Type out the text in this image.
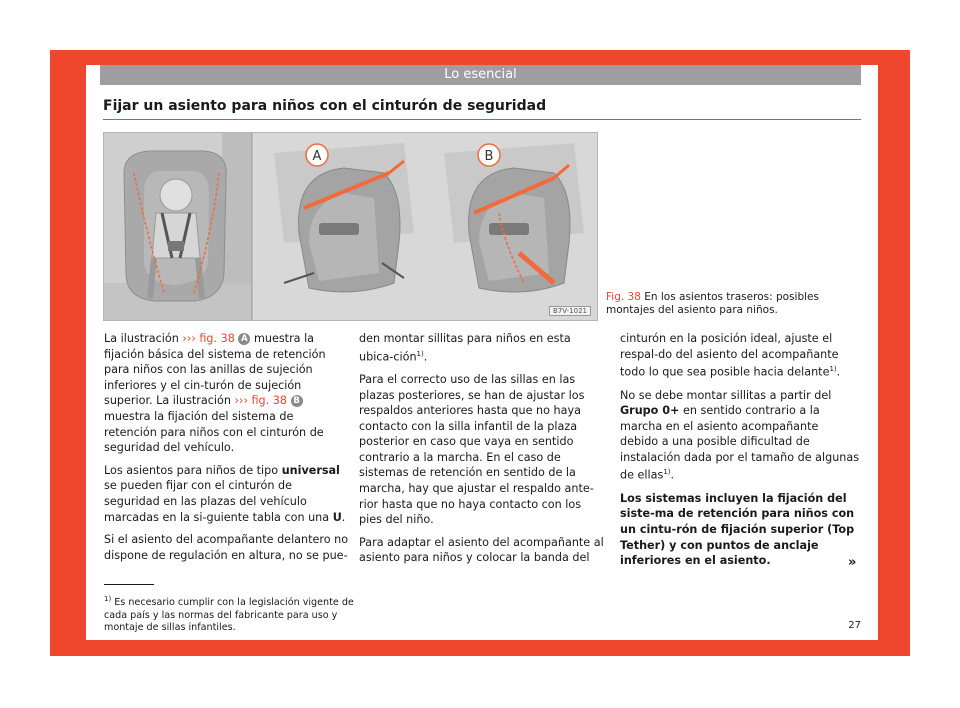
Lo esencial
Fijar un asiento para niños con el cinturón de seguridad
A	B
B7V-1021
Fig. 38 En los asientos traseros: posibles montajes del asiento para niños.

La ilustración ››› fig. 38 A muestra la fijación básica del sistema de retención para niños con las anillas de sujeción inferiores y el cin-turón de sujeción superior. La ilustración ››› fig. 38 B muestra la fijación del sistema de retención para niños con el cinturón de seguridad del vehículo.

Los asientos para niños de tipo universal se pueden fijar con el cinturón de seguridad en las plazas del vehículo marcadas en la si-guiente tabla con una U.

Si el asiento del acompañante delantero no dispone de regulación en altura, no se pue-

den montar sillitas para niños en esta ubica-ción$^{1)}$.

Para el correcto uso de las sillas en las plazas posteriores, se han de ajustar los respaldos anteriores hasta que no haya contacto con la silla infantil de la plaza posterior en caso que vaya en sentido contrario a la marcha. En el caso de sistemas de retención en sentido de la marcha, hay que ajustar el respaldo ante-rior hasta que no haya contacto con los pies del niño.

Para adaptar el asiento del acompañante al asiento para niños y colocar la banda del

cinturón en la posición ideal, ajuste el respal-do del asiento del acompañante todo lo que sea posible hacia delante$^{1)}$.

No se debe montar sillitas a partir del Grupo 0+ en sentido contrario a la marcha en el asiento acompañante debido a una posible dificultad de instalación dada por el tamaño de algunas de ellas$^{1)}$.

Los sistemas incluyen la fijación del siste-ma de retención para niños con un cintu-rón de fijación superior (Top Tether) y con puntos de anclaje inferiores en el asiento.	»
$^{1)}$ Es necesario cumplir con la legislación vigente de cada país y las normas del fabricante para uso y montaje de sillas infantiles.	27
